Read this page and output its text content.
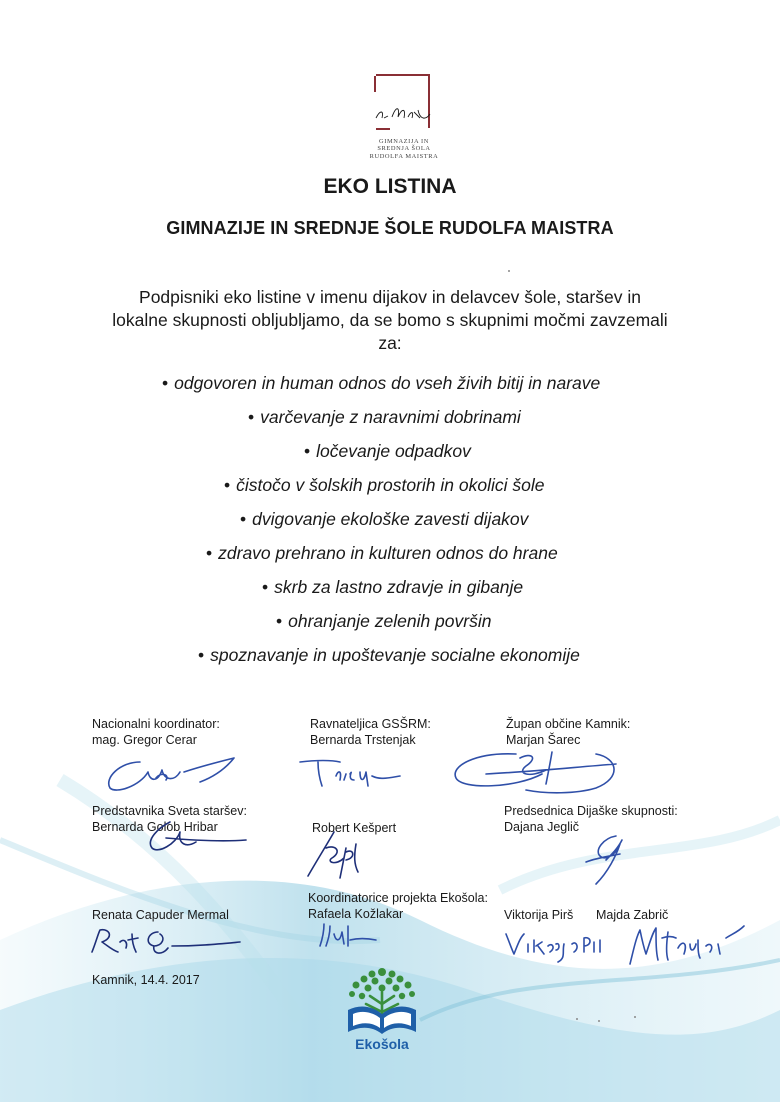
GIMNAZIJA IN
SREDNJA ŠOLA
RUDOLFA MAISTRA
EKO LISTINA
GIMNAZIJE IN SREDNJE ŠOLE RUDOLFA MAISTRA
Podpisniki eko listine v imenu dijakov in delavcev šole, staršev in lokalne skupnosti obljubljamo, da se bomo s skupnimi močmi zavzemali za:
• odgovoren in human odnos do vseh živih bitij in narave
• varčevanje z naravnimi dobrinami
• ločevanje odpadkov
• čistočo v šolskih prostorih in okolici šole
• dvigovanje ekološke zavesti dijakov
• zdravo prehrano in kulturen odnos do hrane
• skrb za lastno zdravje in gibanje
• ohranjanje zelenih površin
• spoznavanje in upoštevanje socialne ekonomije
Nacionalni koordinator:
mag. Gregor Cerar
Ravnateljica GSŠRM:
Bernarda Trstenjak
Župan občine Kamnik:
Marjan Šarec
Predstavnika Sveta staršev:
Bernarda Golob Hribar	Robert Kešpert
Predsednica Dijaške skupnosti:
Dajana Jeglič
Koordinatorice projekta Ekošola:
Rafaela Kožlakar
Renata Capuder Mermal	Viktorija Pirš Majda Zabrič
Kamnik, 14.4. 2017
Ekošola
